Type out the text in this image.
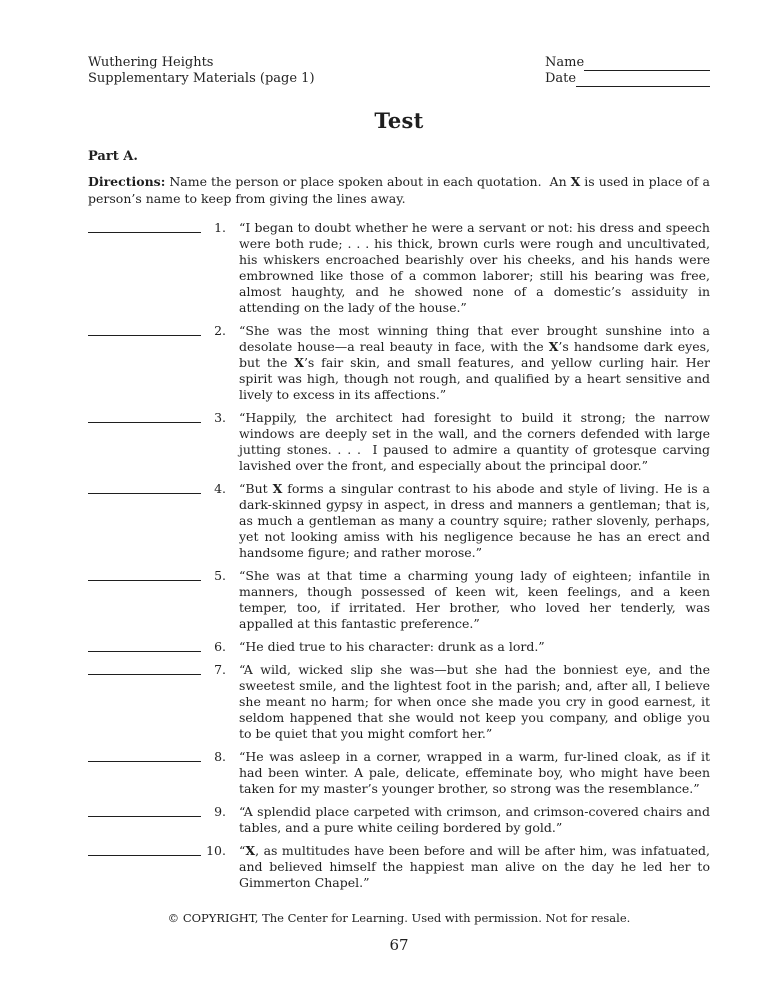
Wuthering Heights
Supplementary Materials (page 1)
Name
Date
Test
Part A.

Directions: Name the person or place spoken about in each quotation.  An X is used in place of a person’s name to keep from giving the lines away.

1. “I began to doubt whether he were a servant or not: his dress and speech were both rude; . . . his thick, brown curls were rough and uncultivated, his whiskers encroached bearishly over his cheeks, and his hands were embrowned like those of a common laborer; still his bearing was free, almost haughty, and he showed none of a domestic’s assiduity in attending on the lady of the house.”

2. “She was the most winning thing that ever brought sunshine into a desolate house—a real beauty in face, with the X’s handsome dark eyes, but the X’s fair skin, and small features, and yellow curling hair. Her spirit was high, though not rough, and qualified by a heart sensitive and lively to excess in its affections.”

3. “Happily, the architect had foresight to build it strong; the narrow windows are deeply set in the wall, and the corners defended with large jutting stones. . . .  I paused to admire a quantity of grotesque carving lavished over the front, and especially about the principal door.”

4. “But X forms a singular contrast to his abode and style of living. He is a dark-skinned gypsy in aspect, in dress and manners a gentleman; that is, as much a gentleman as many a country squire; rather slovenly, perhaps, yet not looking amiss with his negligence because he has an erect and handsome figure; and rather morose.”

5. “She was at that time a charming young lady of eighteen; infantile in manners, though possessed of keen wit, keen feelings, and a keen temper, too, if irritated. Her brother, who loved her tenderly, was appalled at this fantastic preference.”

6. “He died true to his character: drunk as a lord.”

7. “A wild, wicked slip she was—but she had the bonniest eye, and the sweetest smile, and the lightest foot in the parish; and, after all, I believe she meant no harm; for when once she made you cry in good earnest, it seldom happened that she would not keep you company, and oblige you to be quiet that you might comfort her.”

8. “He was asleep in a corner, wrapped in a warm, fur-lined cloak, as if it had been winter. A pale, delicate, effeminate boy, who might have been taken for my master’s younger brother, so strong was the resemblance.”

9. “A splendid place carpeted with crimson, and crimson-covered chairs and tables, and a pure white ceiling bordered by gold.”

10. “X, as multitudes have been before and will be after him, was infatuated, and believed himself the happiest man alive on the day he led her to Gimmerton Chapel.”

© COPYRIGHT, The Center for Learning. Used with permission. Not for resale.
67
